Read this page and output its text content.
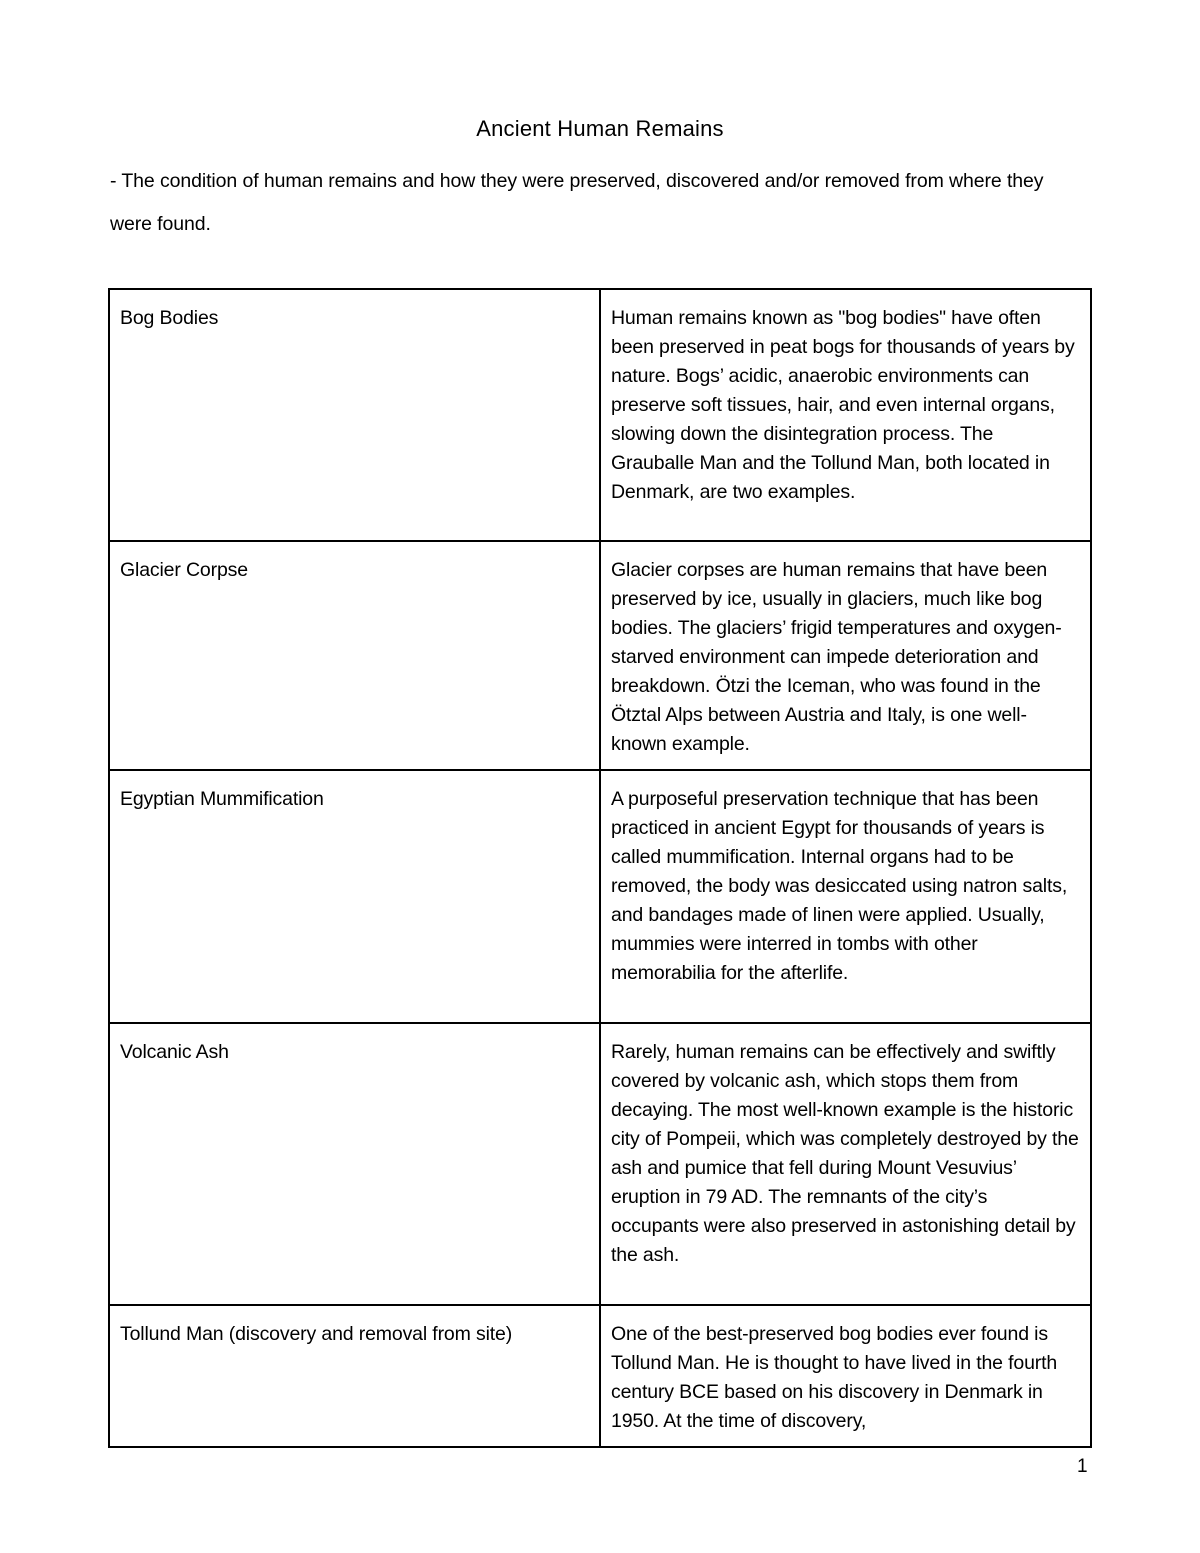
Ancient Human Remains
- The condition of human remains and how they were preserved, discovered and/or removed from where they were found.
Bog Bodies	Human remains known as "bog bodies" have often been preserved in peat bogs for thousands of years by nature. Bogs’ acidic, anaerobic environments can preserve soft tissues, hair, and even internal organs, slowing down the disintegration process. The Grauballe Man and the Tollund Man, both located in Denmark, are two examples.
Glacier Corpse	Glacier corpses are human remains that have been preserved by ice, usually in glaciers, much like bog bodies. The glaciers’ frigid temperatures and oxygen-starved environment can impede deterioration and breakdown. Ötzi the Iceman, who was found in the Ötztal Alps between Austria and Italy, is one well-known example.
Egyptian Mummification	A purposeful preservation technique that has been practiced in ancient Egypt for thousands of years is called mummification. Internal organs had to be removed, the body was desiccated using natron salts, and bandages made of linen were applied. Usually, mummies were interred in tombs with other memorabilia for the afterlife.
Volcanic Ash	Rarely, human remains can be effectively and swiftly covered by volcanic ash, which stops them from decaying. The most well-known example is the historic city of Pompeii, which was completely destroyed by the ash and pumice that fell during Mount Vesuvius’ eruption in 79 AD. The remnants of the city’s occupants were also preserved in astonishing detail by the ash.
Tollund Man (discovery and removal from site)	One of the best-preserved bog bodies ever found is Tollund Man. He is thought to have lived in the fourth century BCE based on his discovery in Denmark in 1950. At the time of discovery,
1
